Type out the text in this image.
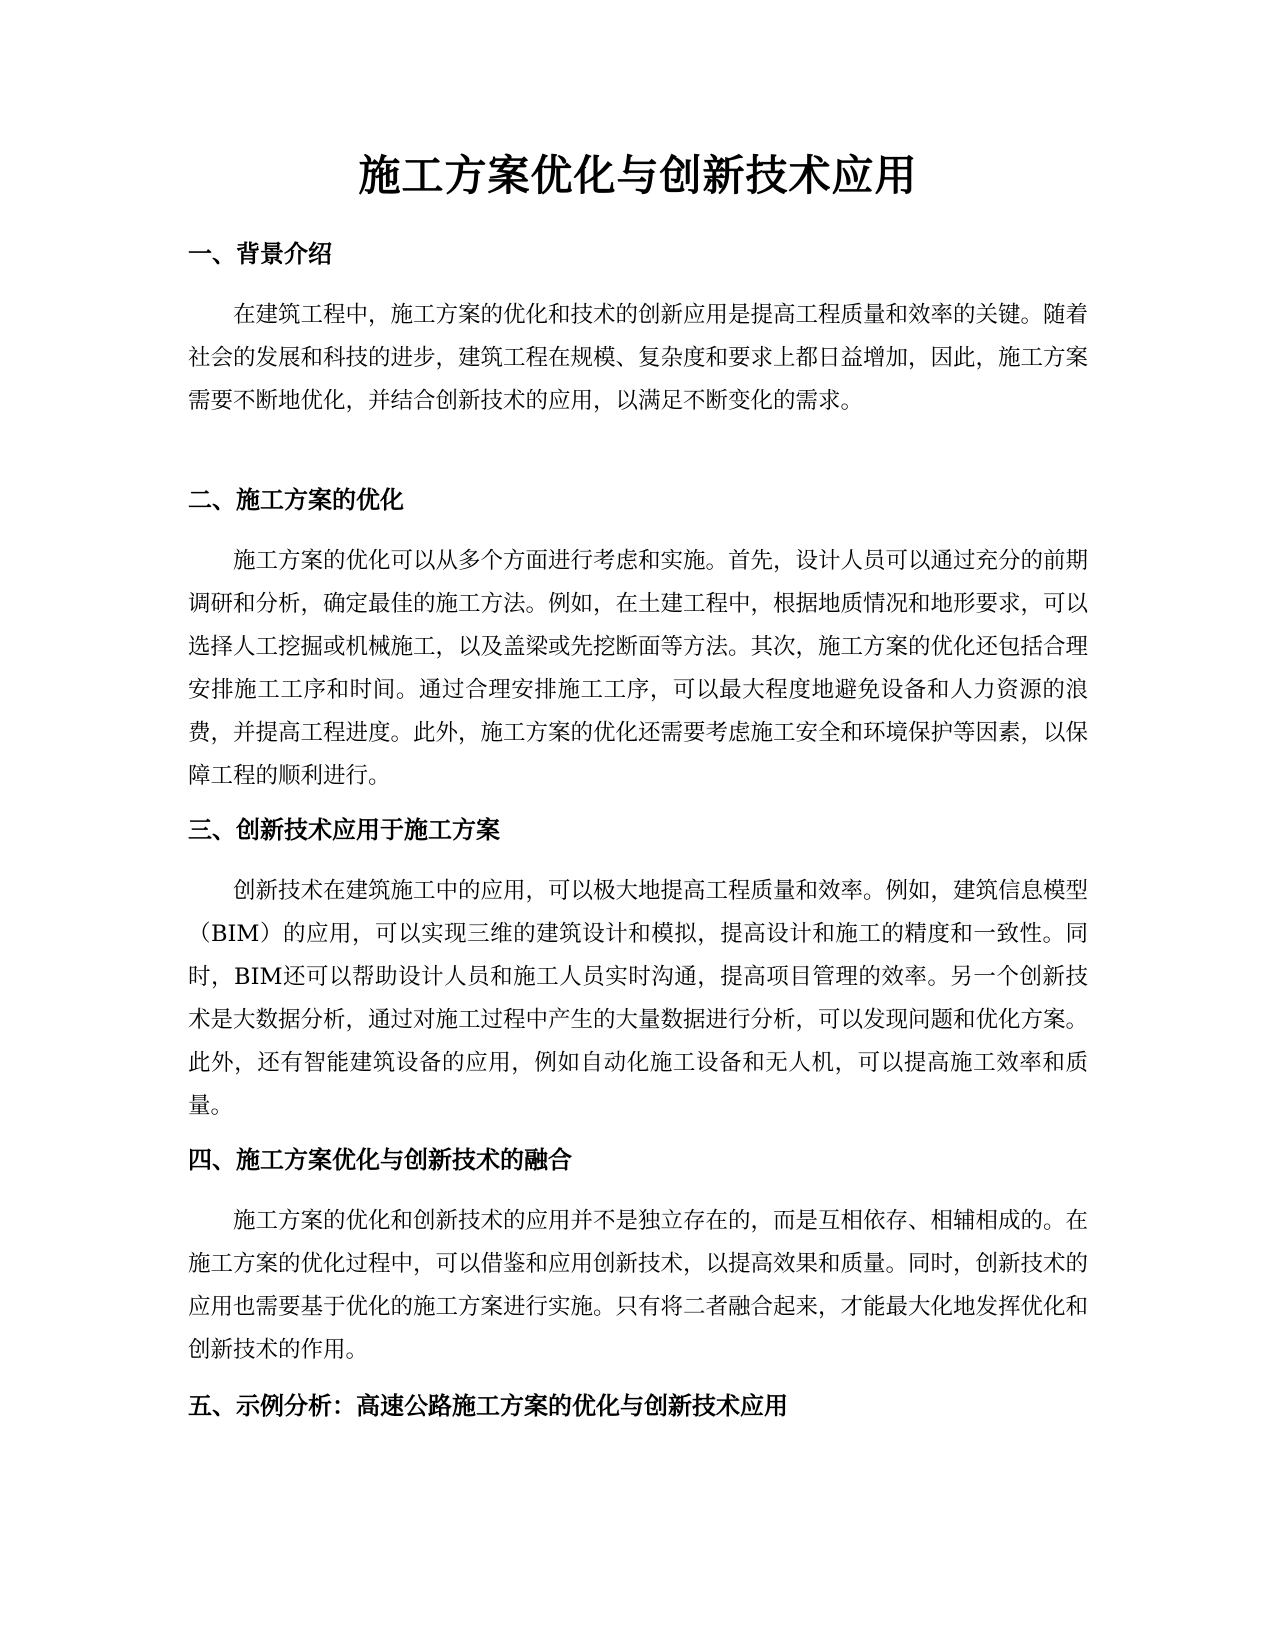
施工方案优化与创新技术应用
一、背景介绍

在建筑工程中，施工方案的优化和技术的创新应用是提高工程质量和效率的关键。随着社会的发展和科技的进步，建筑工程在规模、复杂度和要求上都日益增加，因此，施工方案需要不断地优化，并结合创新技术的应用，以满足不断变化的需求。

二、施工方案的优化

施工方案的优化可以从多个方面进行考虑和实施。首先，设计人员可以通过充分的前期调研和分析，确定最佳的施工方法。例如，在土建工程中，根据地质情况和地形要求，可以选择人工挖掘或机械施工，以及盖梁或先挖断面等方法。其次，施工方案的优化还包括合理安排施工工序和时间。通过合理安排施工工序，可以最大程度地避免设备和人力资源的浪费，并提高工程进度。此外，施工方案的优化还需要考虑施工安全和环境保护等因素，以保障工程的顺利进行。

三、创新技术应用于施工方案

创新技术在建筑施工中的应用，可以极大地提高工程质量和效率。例如，建筑信息模型（BIM）的应用，可以实现三维的建筑设计和模拟，提高设计和施工的精度和一致性。同时，BIM还可以帮助设计人员和施工人员实时沟通，提高项目管理的效率。另一个创新技术是大数据分析，通过对施工过程中产生的大量数据进行分析，可以发现问题和优化方案。此外，还有智能建筑设备的应用，例如自动化施工设备和无人机，可以提高施工效率和质量。

四、施工方案优化与创新技术的融合

施工方案的优化和创新技术的应用并不是独立存在的，而是互相依存、相辅相成的。在施工方案的优化过程中，可以借鉴和应用创新技术，以提高效果和质量。同时，创新技术的应用也需要基于优化的施工方案进行实施。只有将二者融合起来，才能最大化地发挥优化和创新技术的作用。

五、示例分析：高速公路施工方案的优化与创新技术应用
